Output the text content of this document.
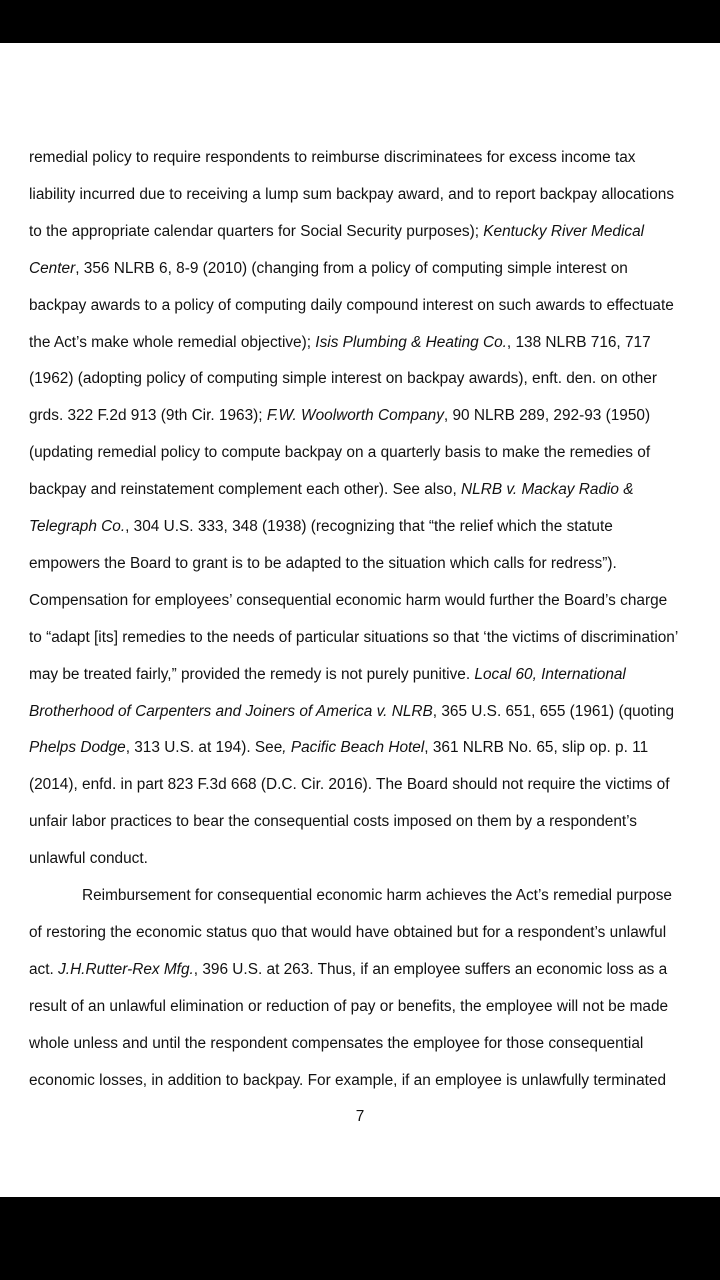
remedial policy to require respondents to reimburse discriminatees for excess income tax
liability incurred due to receiving a lump sum backpay award, and to report backpay allocations
to the appropriate calendar quarters for Social Security purposes); Kentucky River Medical
Center, 356 NLRB 6, 8-9 (2010) (changing from a policy of computing simple interest on
backpay awards to a policy of computing daily compound interest on such awards to effectuate
the Act’s make whole remedial objective); Isis Plumbing & Heating Co., 138 NLRB 716, 717
(1962) (adopting policy of computing simple interest on backpay awards), enft. den. on other
grds. 322 F.2d 913 (9th Cir. 1963); F.W. Woolworth Company, 90 NLRB 289, 292-93 (1950)
(updating remedial policy to compute backpay on a quarterly basis to make the remedies of
backpay and reinstatement complement each other). See also, NLRB v. Mackay Radio &
Telegraph Co., 304 U.S. 333, 348 (1938) (recognizing that “the relief which the statute
empowers the Board to grant is to be adapted to the situation which calls for redress”).
Compensation for employees’ consequential economic harm would further the Board’s charge
to “adapt [its] remedies to the needs of particular situations so that ‘the victims of discrimination’
may be treated fairly,” provided the remedy is not purely punitive. Local 60, International
Brotherhood of Carpenters and Joiners of America v. NLRB, 365 U.S. 651, 655 (1961) (quoting
Phelps Dodge, 313 U.S. at 194). See, Pacific Beach Hotel, 361 NLRB No. 65, slip op. p. 11
(2014), enfd. in part 823 F.3d 668 (D.C. Cir. 2016). The Board should not require the victims of
unfair labor practices to bear the consequential costs imposed on them by a respondent’s
unlawful conduct.
Reimbursement for consequential economic harm achieves the Act’s remedial purpose
of restoring the economic status quo that would have obtained but for a respondent’s unlawful
act. J.H.Rutter-Rex Mfg., 396 U.S. at 263. Thus, if an employee suffers an economic loss as a
result of an unlawful elimination or reduction of pay or benefits, the employee will not be made
whole unless and until the respondent compensates the employee for those consequential
economic losses, in addition to backpay. For example, if an employee is unlawfully terminated
7
